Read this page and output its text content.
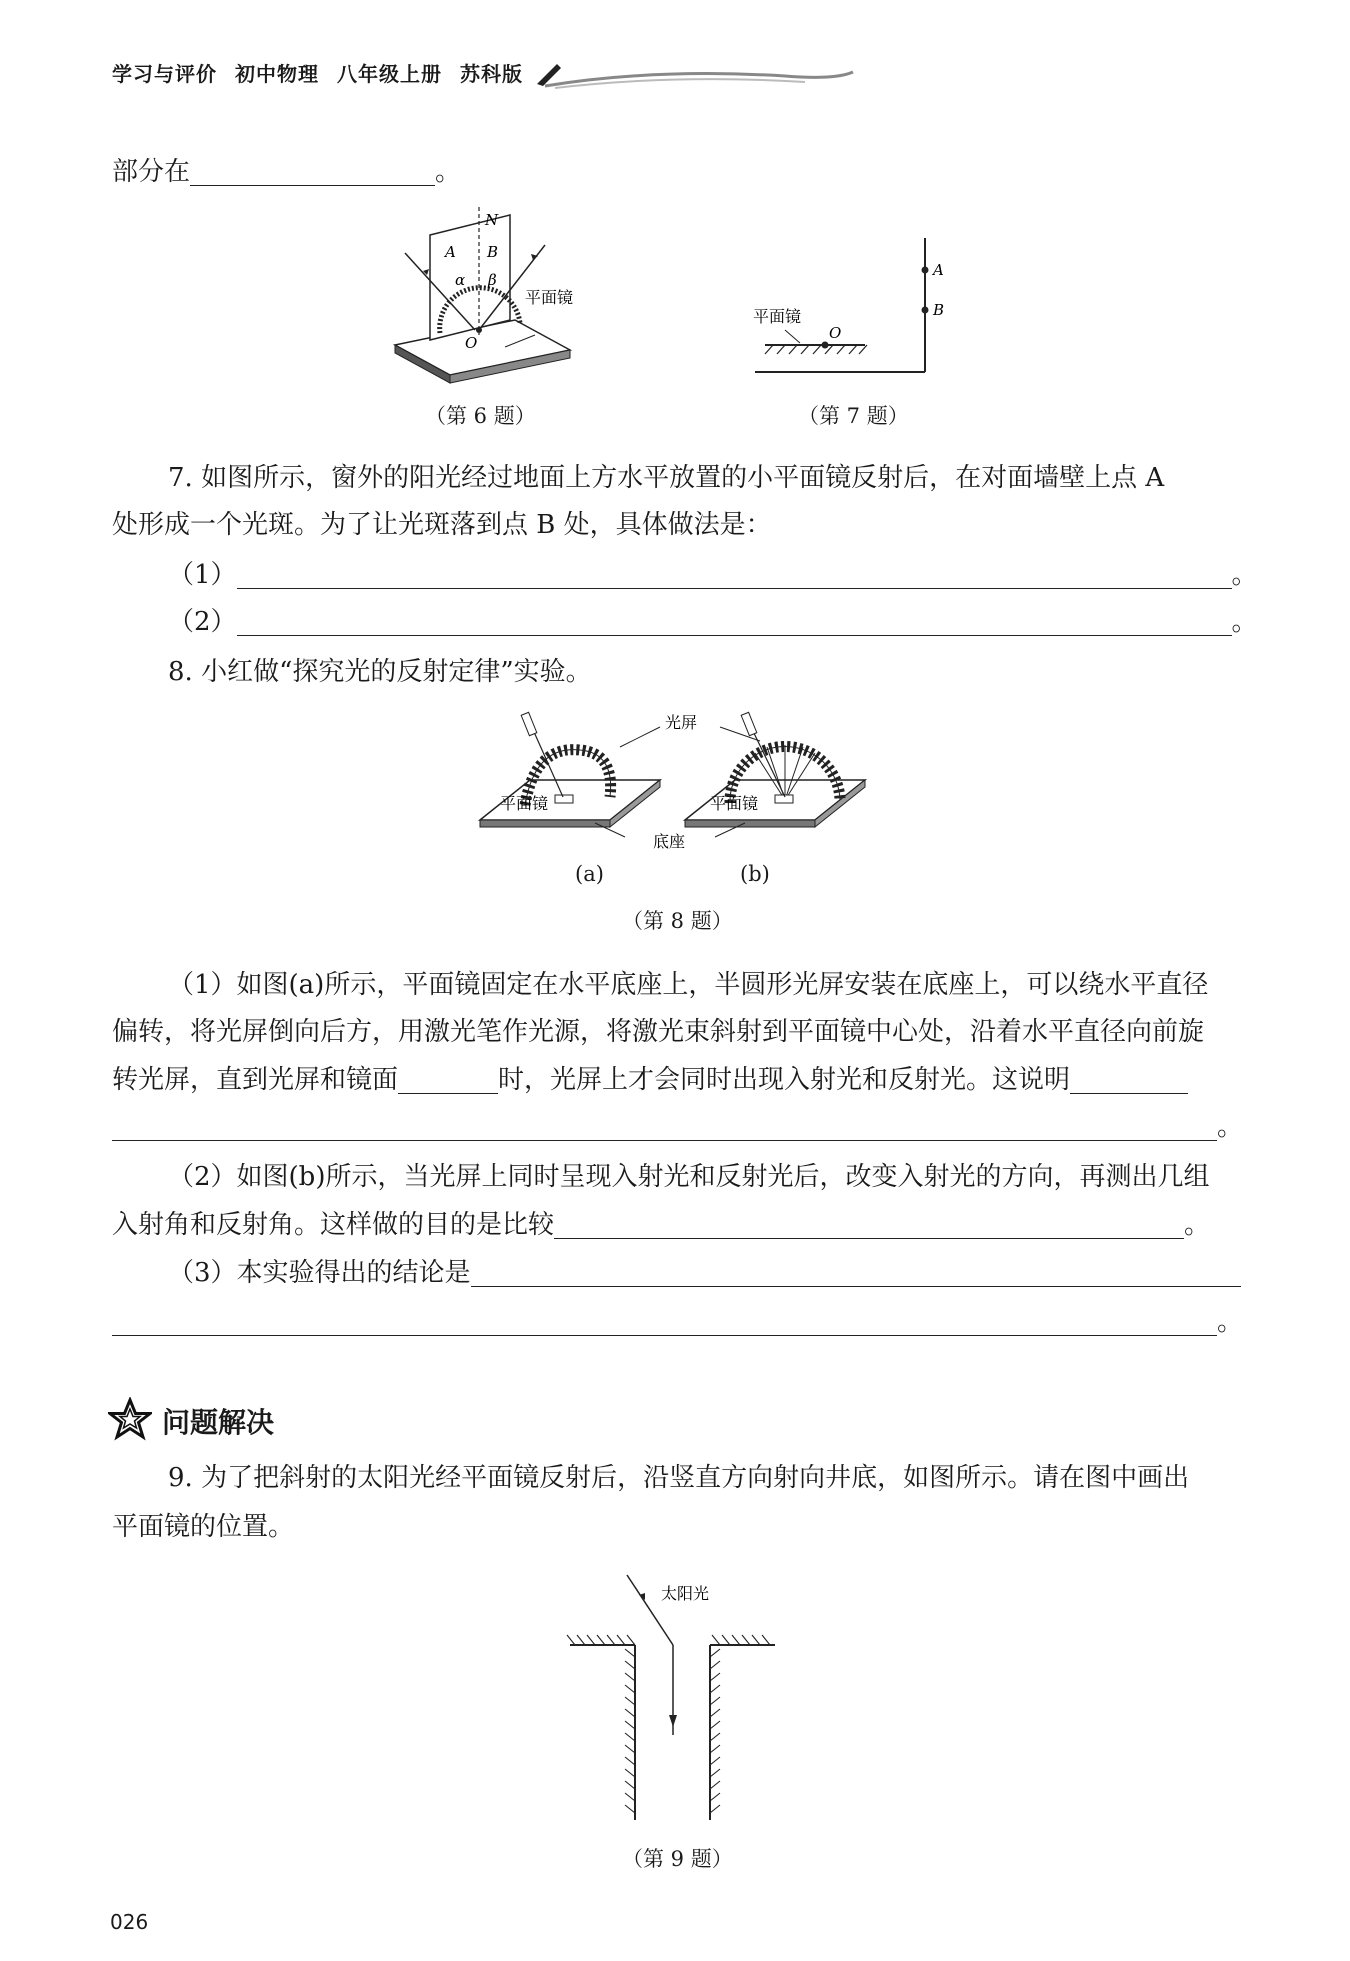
学习与评价 初中物理 八年级上册 苏科版
部分在	。
N
A B
α β
O
平面镜
（第 6 题）
A
B
O
平面镜
（第 7 题）
7. 如图所示，窗外的阳光经过地面上方水平放置的小平面镜反射后，在对面墙壁上点 A
处形成一个光斑。为了让光斑落到点 B 处，具体做法是：
（1）	。
（2）	。
8. 小红做“探究光的反射定律”实验。
光屏
平面镜	平面镜
底座
(a)	(b)
（第 8 题）
（1）如图(a)所示，平面镜固定在水平底座上，半圆形光屏安装在底座上，可以绕水平直径
偏转，将光屏倒向后方，用激光笔作光源，将激光束斜射到平面镜中心处，沿着水平直径向前旋
转光屏，直到光屏和镜面	时，光屏上才会同时出现入射光和反射光。这说明
。
（2）如图(b)所示，当光屏上同时呈现入射光和反射光后，改变入射光的方向，再测出几组
入射角和反射角。这样做的目的是比较	。
（3）本实验得出的结论是
。
问题解决
9. 为了把斜射的太阳光经平面镜反射后，沿竖直方向射向井底，如图所示。请在图中画出
平面镜的位置。
太阳光
（第 9 题）
026
